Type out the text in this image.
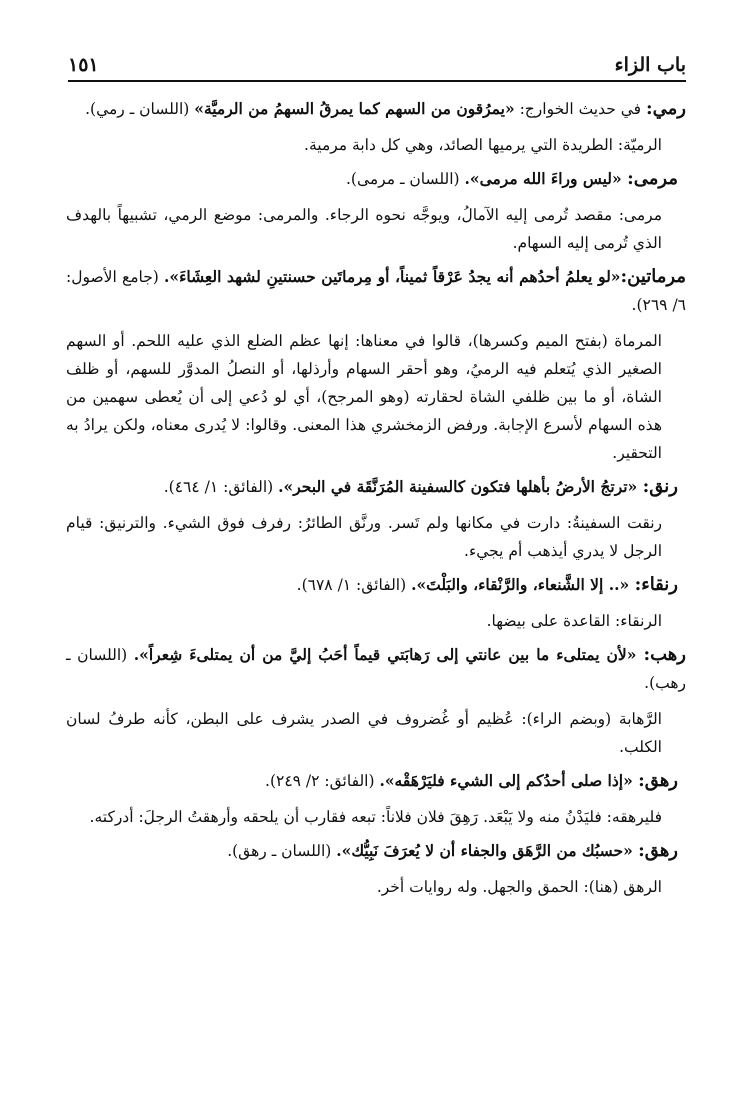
باب الزاء
١٥١

رمي: في حديث الخوارج: «يمرُقون من السهم كما يمرقُ السهمُ من الرميَّة» (اللسان ـ رمي).

الرميّة: الطريدة التي يرميها الصائد، وهي كل دابة مرمية.

مرمى: «ليس وراءَ الله مرمى». (اللسان ـ مرمى).

مرمى: مقصد تُرمى إليه الآمالُ، ويوجَّه نحوه الرجاء. والمرمى: موضع الرمي، تشبيهاً بالهدف الذي تُرمى إليه السهام.

مرماتين:«لو يعلمُ أحدُهم أنه يجدُ عَرْقاً ثميناً، أو مِرماتَين حسنتينِ لشهد العِشَاءَ». (جامع الأصول: ٦/ ٢٦٩).

المرماة (بفتح الميم وكسرها)، قالوا في معناها: إنها عظم الضلع الذي عليه اللحم. أو السهم الصغير الذي يُتعلم فيه الرميُ، وهو أحقر السهام وأرذلها، أو النصلُ المدوَّر للسهم، أو ظلف الشاة، أو ما بين ظلفي الشاة لحقارته (وهو المرجح)، أي لو دُعي إلى أن يُعطى سهمين من هذه السهام لأسرع الإجابة. ورفض الزمخشري هذا المعنى. وقالوا: لا يُدرى معناه، ولكن يرادُ به التحقير.

رنق: «ترتجُ الأرضُ بأهلها فتكون كالسفينة المُرَنَّقَة في البحر». (الفائق: ١/ ٤٦٤).

رنقت السفينةُ: دارت في مكانها ولم تَسر. ورنَّق الطائرُ: رفرف فوق الشيء. والترنيق: قيام الرجل لا يدري أيذهب أم يجيء.

رنقاء: «.. إلا الشَّنعاء، والرَّنْقاء، والبَلْتَ». (الفائق: ١/ ٦٧٨).

الرنقاء: القاعدة على بيضها.

رهب: «لأن يمتلىء ما بين عانتي إلى رَهابَتي قيماً أحَبُ إليَّ من أن يمتلىءَ شِعراً». (اللسان ـ رهب).

الرَّهابة (وبضم الراء): عُظيم أو غُضروف في الصدر يشرف على البطن، كأنه طرفُ لسان الكلب.

رهق: «إذا صلى أحدُكم إلى الشيء فليَرْهَقْه». (الفائق: ٢/ ٢٤٩).

فليرهقه: فليَدْنُ منه ولا يَبْعَد. رَهِقَ فلان فلاناً: تبعه فقارب أن يلحقه وأرهقتُ الرجلَ: أدركته.

رهق: «حسبُك من الرَّهَق والجفاء أن لا يُعرَفَ نَبِيُّك». (اللسان ـ رهق).

الرهق (هنا): الحمق والجهل. وله روايات أخر.
